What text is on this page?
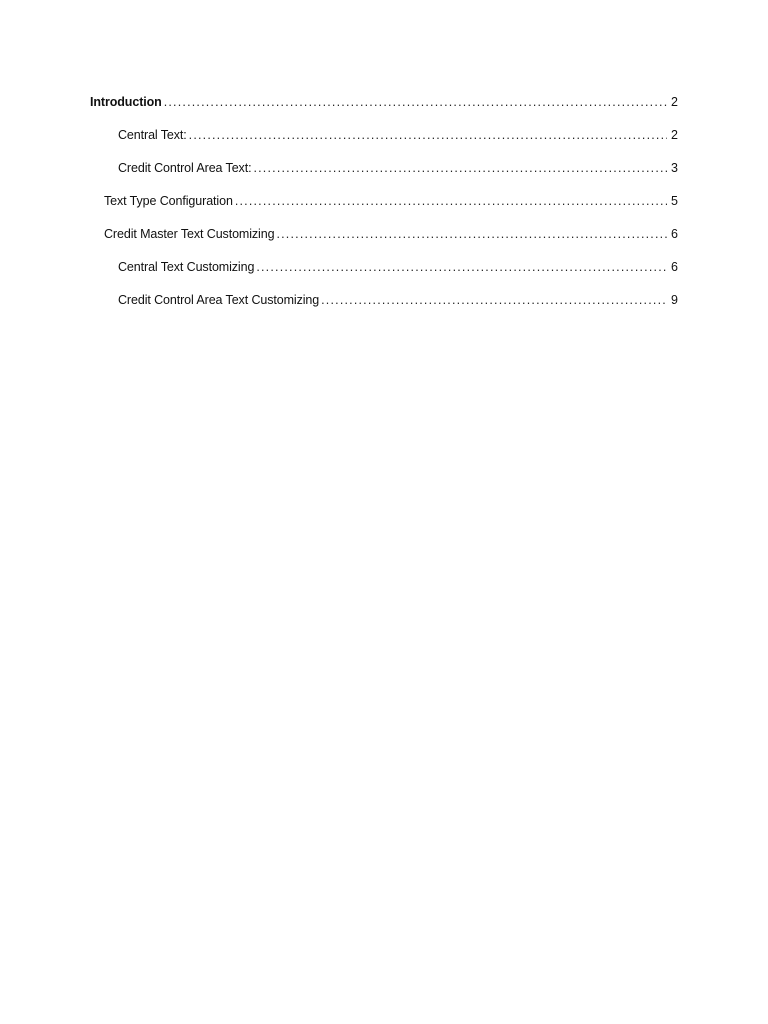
Introduction .....	2
Central Text: .....	2
Credit Control Area Text: .....	3
Text Type Configuration .....	5
Credit Master Text Customizing .....	6
Central Text Customizing .....	6
Credit Control Area Text Customizing .....	9
